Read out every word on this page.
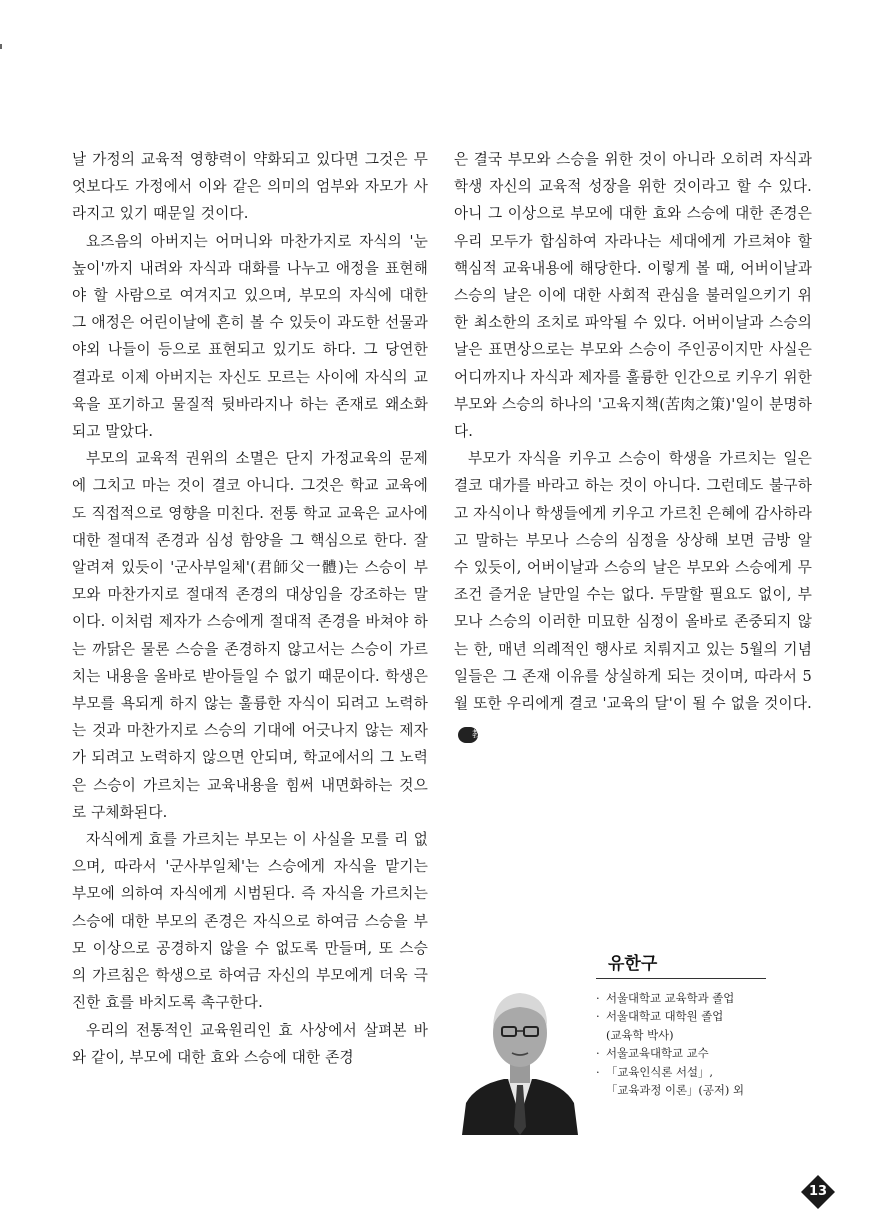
날 가정의 교육적 영향력이 약화되고 있다면 그것은 무엇보다도 가정에서 이와 같은 의미의 엄부와 자모가 사라지고 있기 때문일 것이다.

요즈음의 아버지는 어머니와 마찬가지로 자식의 '눈높이'까지 내려와 자식과 대화를 나누고 애정을 표현해야 할 사람으로 여겨지고 있으며, 부모의 자식에 대한 그 애정은 어린이날에 흔히 볼 수 있듯이 과도한 선물과 야외 나들이 등으로 표현되고 있기도 하다. 그 당연한 결과로 이제 아버지는 자신도 모르는 사이에 자식의 교육을 포기하고 물질적 뒷바라지나 하는 존재로 왜소화되고 말았다.

부모의 교육적 권위의 소멸은 단지 가정교육의 문제에 그치고 마는 것이 결코 아니다. 그것은 학교 교육에도 직접적으로 영향을 미친다. 전통 학교 교육은 교사에 대한 절대적 존경과 심성 함양을 그 핵심으로 한다. 잘 알려져 있듯이 '군사부일체'(君師父一體)는 스승이 부모와 마찬가지로 절대적 존경의 대상임을 강조하는 말이다. 이처럼 제자가 스승에게 절대적 존경을 바쳐야 하는 까닭은 물론 스승을 존경하지 않고서는 스승이 가르치는 내용을 올바로 받아들일 수 없기 때문이다. 학생은 부모를 욕되게 하지 않는 훌륭한 자식이 되려고 노력하는 것과 마찬가지로 스승의 기대에 어긋나지 않는 제자가 되려고 노력하지 않으면 안되며, 학교에서의 그 노력은 스승이 가르치는 교육내용을 힘써 내면화하는 것으로 구체화된다.

자식에게 효를 가르치는 부모는 이 사실을 모를 리 없으며, 따라서 '군사부일체'는 스승에게 자식을 맡기는 부모에 의하여 자식에게 시범된다. 즉 자식을 가르치는 스승에 대한 부모의 존경은 자식으로 하여금 스승을 부모 이상으로 공경하지 않을 수 없도록 만들며, 또 스승의 가르침은 학생으로 하여금 자신의 부모에게 더욱 극진한 효를 바치도록 촉구한다.

우리의 전통적인 교육원리인 효 사상에서 살펴본 바와 같이, 부모에 대한 효와 스승에 대한 존경

은 결국 부모와 스승을 위한 것이 아니라 오히려 자식과 학생 자신의 교육적 성장을 위한 것이라고 할 수 있다. 아니 그 이상으로 부모에 대한 효와 스승에 대한 존경은 우리 모두가 합심하여 자라나는 세대에게 가르쳐야 할 핵심적 교육내용에 해당한다. 이렇게 볼 때, 어버이날과 스승의 날은 이에 대한 사회적 관심을 불러일으키기 위한 최소한의 조치로 파악될 수 있다. 어버이날과 스승의 날은 표면상으로는 부모와 스승이 주인공이지만 사실은 어디까지나 자식과 제자를 훌륭한 인간으로 키우기 위한 부모와 스승의 하나의 '고육지책(苦肉之策)'일이 분명하다.

부모가 자식을 키우고 스승이 학생을 가르치는 일은 결코 대가를 바라고 하는 것이 아니다. 그런데도 불구하고 자식이나 학생들에게 키우고 가르친 은혜에 감사하라고 말하는 부모나 스승의 심정을 상상해 보면 금방 알 수 있듯이, 어버이날과 스승의 날은 부모와 스승에게 무조건 즐거운 날만일 수는 없다. 두말할 필요도 없이, 부모나 스승의 이러한 미묘한 심정이 올바로 존중되지 않는 한, 매년 의례적인 행사로 치뤄지고 있는 5월의 기념일들은 그 존재 이유를 상실하게 되는 것이며, 따라서 5월 또한 우리에게 결코 '교육의 달'이 될 수 없을 것이다.教

유한구
· 서울대학교 교육학과 졸업
· 서울대학교 대학원 졸업
(교육학 박사)
· 서울교육대학교 교수
· 「교육인식론 서설」,
「교육과정 이론」(공저) 외
13
